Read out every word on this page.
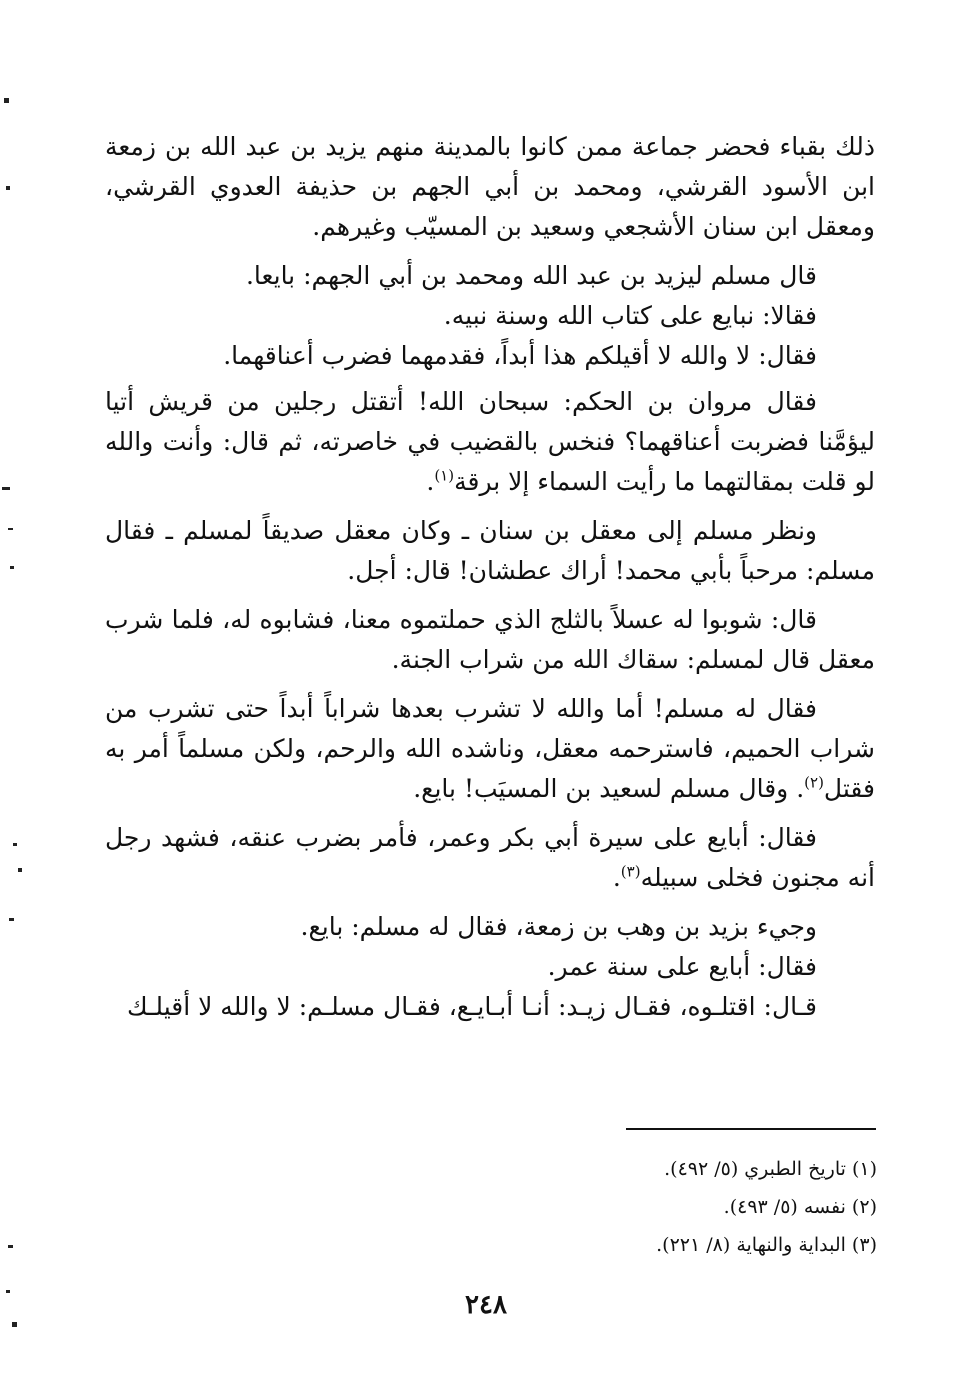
ذلك بقباء فحضر جماعة ممن كانوا بالمدينة منهم يزيد بن عبد الله بن زمعة ابن الأسود القرشي، ومحمد بن أبي الجهم بن حذيفة العدوي القرشي، ومعقل ابن سنان الأشجعي وسعيد بن المسيّب وغيرهم.

قال مسلم ليزيد بن عبد الله ومحمد بن أبي الجهم: بايعا.

فقالا: نبايع على كتاب الله وسنة نبيه.

فقال: لا والله لا أقيلكم هذا أبداً، فقدمهما فضرب أعناقهما.

فقال مروان بن الحكم: سبحان الله! أتقتل رجلين من قريش أتيا ليؤمَّنا فضربت أعناقهما؟ فنخس بالقضيب في خاصرته، ثم قال: وأنت والله لو قلت بمقالتهما ما رأيت السماء إلا برقة$^{(١)}$.

ونظر مسلم إلى معقل بن سنان ـ وكان معقل صديقاً لمسلم ـ فقال مسلم: مرحباً بأبي محمد! أراك عطشان! قال: أجل.

قال: شوبوا له عسلاً بالثلج الذي حملتموه معنا، فشابوه له، فلما شرب معقل قال لمسلم: سقاك الله من شراب الجنة.

فقال له مسلم! أما والله لا تشرب بعدها شراباً أبداً حتى تشرب من شراب الحميم، فاسترحمه معقل، وناشده الله والرحم، ولكن مسلماً أمر به فقتل$^{(٢)}$. وقال مسلم لسعيد بن المسيَب! بايع.

فقال: أبايع على سيرة أبي بكر وعمر، فأمر بضرب عنقه، فشهد رجل أنه مجنون فخلى سبيله$^{(٣)}$.

وجيء بزيد بن وهب بن زمعة، فقال له مسلم: بايع.

فقال: أبايع على سنة عمر.

قـال: اقتلـوه، فقـال زيـد: أنـا أبـايـع، فقـال مسلـم: لا والله لا أقيلـك

(١) تاريخ الطبري (٥/ ٤٩٢).

(٢) نفسه (٥/ ٤٩٣).

(٣) البداية والنهاية (٨/ ٢٢١).

٢٤٨
